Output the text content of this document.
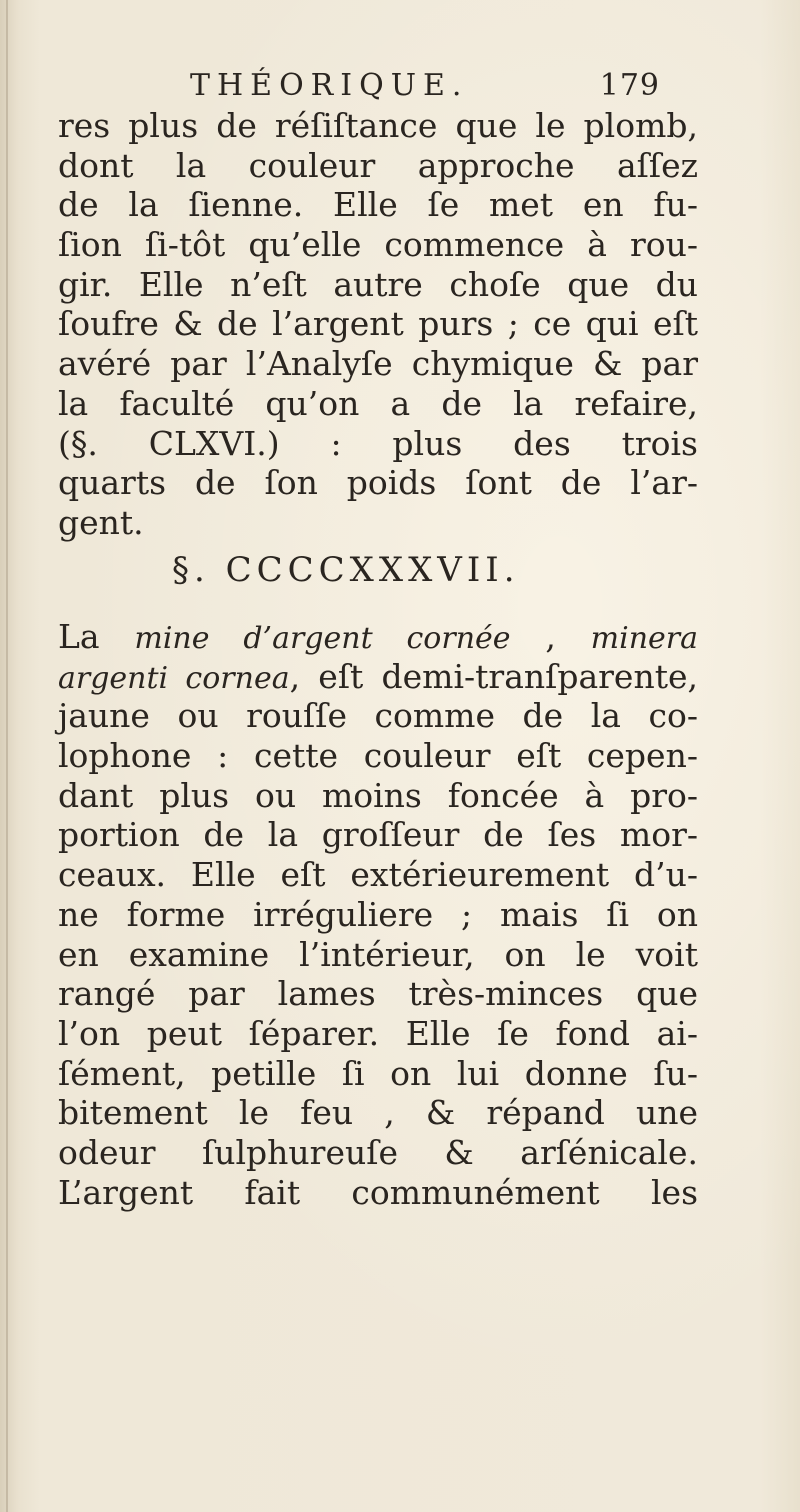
THÉORIQUE.	179
res plus de réſiſtance que le plomb,
dont la couleur approche aſſez
de la ſienne. Elle ſe met en fu-
ſion ſi-tôt qu’elle commence à rou-
gir. Elle n’eſt autre choſe que du
ſoufre & de l’argent purs ; ce qui eſt
avéré par l’Analyſe chymique & par
la faculté qu’on a de la refaire,
(§. CLXVI.) : plus des trois
quarts de ſon poids ſont de l’ar-
gent.
§. CCCCXXXVII.
La mine d’argent cornée , minera
argenti cornea, eſt demi-tranſparente,
jaune ou rouſſe comme de la co-
lophone : cette couleur eſt cepen-
dant plus ou moins foncée à pro-
portion de la groſſeur de ſes mor-
ceaux. Elle eſt extérieurement d’u-
ne forme irréguliere ; mais ſi on
en examine l’intérieur, on le voit
rangé par lames très-minces que
l’on peut ſéparer. Elle ſe fond ai-
ſément, petille ſi on lui donne ſu-
bitement le feu , & répand une
odeur ſulphureuſe & arſénicale.
L’argent fait communément les
